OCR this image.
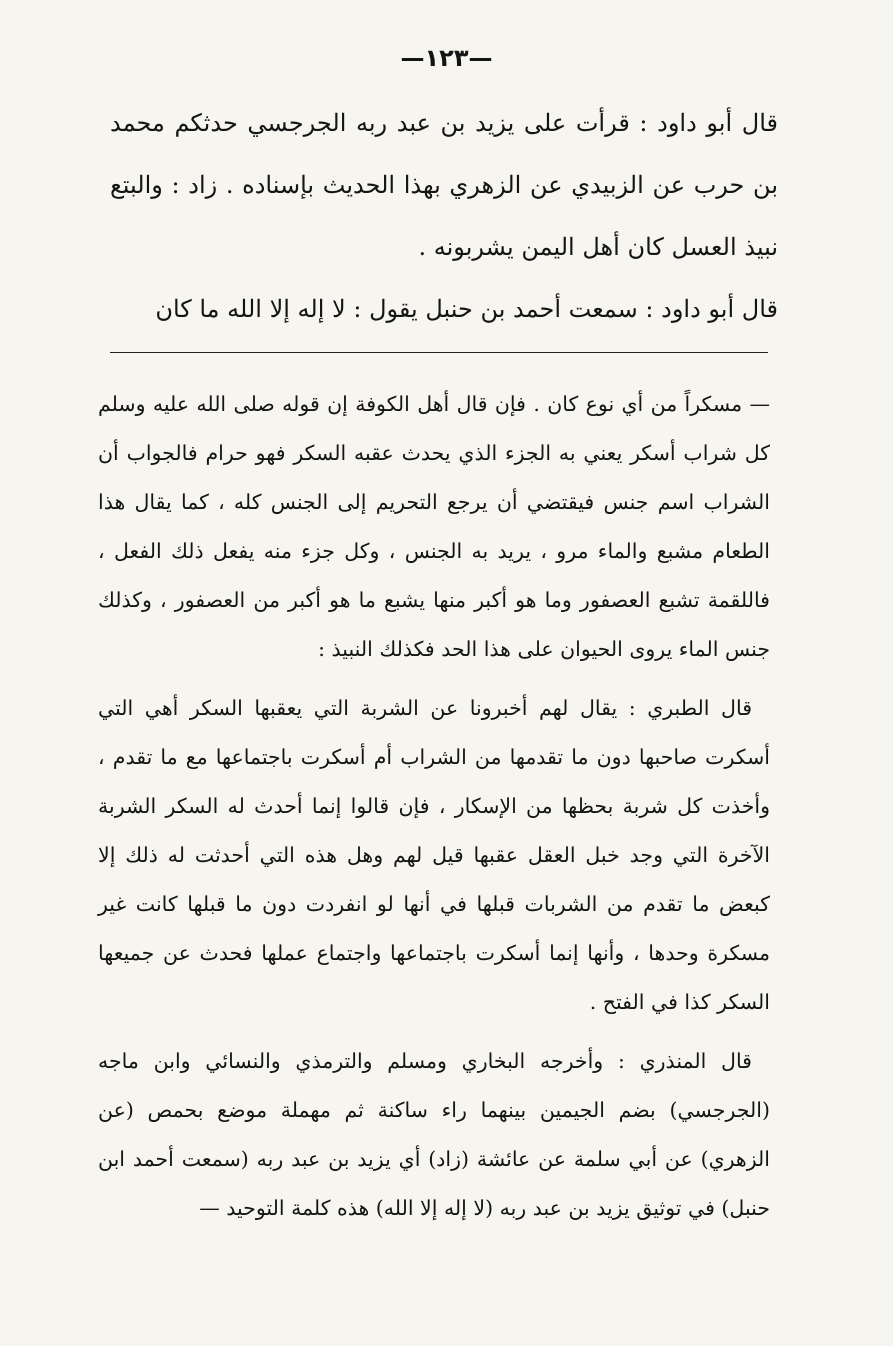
—١٢٣—

قال أبو داود : قرأت على يزيد بن عبد ربه الجرجسي حدثكم محمد بن حرب عن الزبيدي عن الزهري بهذا الحديث بإسناده . زاد : والبتع نبيذ العسل كان أهل اليمن يشربونه .

قال أبو داود : سمعت أحمد بن حنبل يقول : لا إله إلا الله ما كان

— مسكراً من أي نوع كان . فإن قال أهل الكوفة إن قوله صلى الله عليه وسلم كل شراب أسكر يعني به الجزء الذي يحدث عقبه السكر فهو حرام فالجواب أن الشراب اسم جنس فيقتضي أن يرجع التحريم إلى الجنس كله ، كما يقال هذا الطعام مشبع والماء مرو ، يريد به الجنس ، وكل جزء منه يفعل ذلك الفعل ، فاللقمة تشبع العصفور وما هو أكبر منها يشبع ما هو أكبر من العصفور ، وكذلك جنس الماء يروى الحيوان على هذا الحد فكذلك النبيذ :

قال الطبري : يقال لهم أخبرونا عن الشربة التي يعقبها السكر أهي التي أسكرت صاحبها دون ما تقدمها من الشراب أم أسكرت باجتماعها مع ما تقدم ، وأخذت كل شربة بحظها من الإسكار ، فإن قالوا إنما أحدث له السكر الشربة الآخرة التي وجد خبل العقل عقبها قيل لهم وهل هذه التي أحدثت له ذلك إلا كبعض ما تقدم من الشربات قبلها في أنها لو انفردت دون ما قبلها كانت غير مسكرة وحدها ، وأنها إنما أسكرت باجتماعها واجتماع عملها فحدث عن جميعها السكر كذا في الفتح .

قال المنذري : وأخرجه البخاري ومسلم والترمذي والنسائي وابن ماجه (الجرجسي) بضم الجيمين بينهما راء ساكنة ثم مهملة موضع بحمص (عن الزهري) عن أبي سلمة عن عائشة (زاد) أي يزيد بن عبد ربه (سمعت أحمد ابن حنبل) في توثيق يزيد بن عبد ربه (لا إله إلا الله) هذه كلمة التوحيد —
